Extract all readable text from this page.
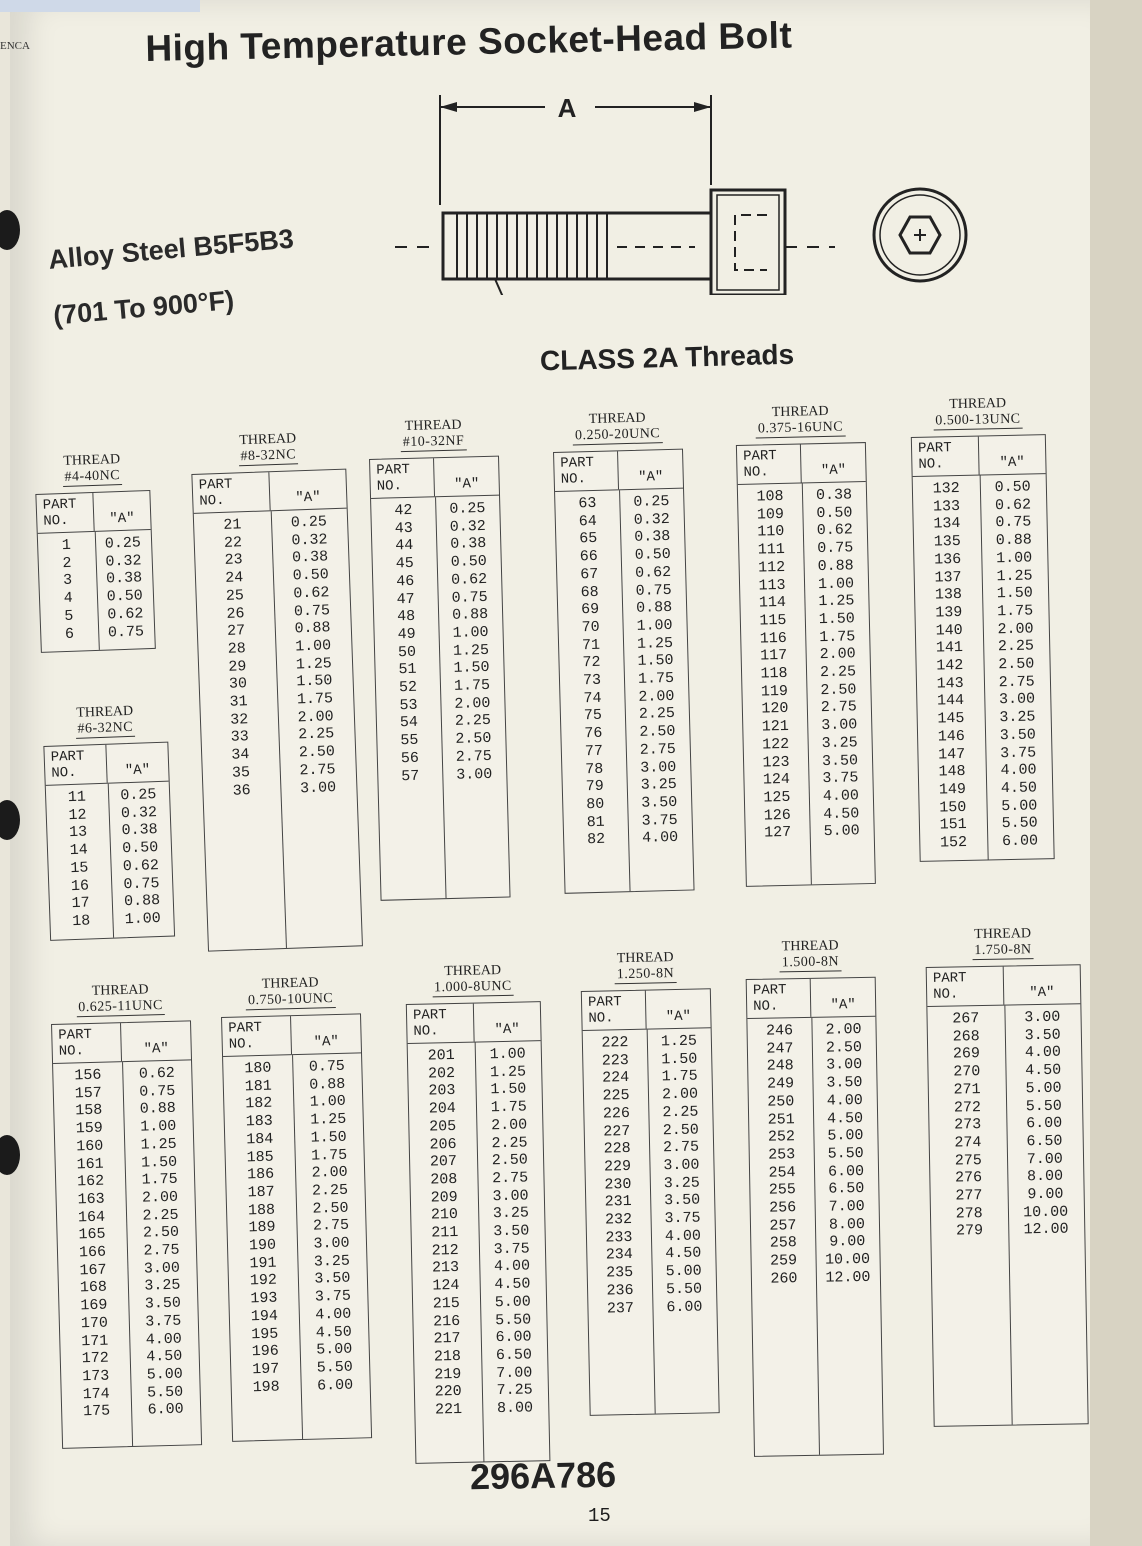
ENCA	High Temperature Socket-Head Bolt
Alloy Steel B5F5B3
(701 To 900°F)
A
CLASS 2A Threads
THREAD
#4-40NC
PART
NO.	"A"
1	0.25
2	0.32
3	0.38
4	0.50
5	0.62
6	0.75
THREAD
#6-32NC
PART
NO.	"A"
11	0.25
12	0.32
13	0.38
14	0.50
15	0.62
16	0.75
17	0.88
18	1.00
THREAD
#8-32NC
PART
NO.	"A"
21	0.25
22	0.32
23	0.38
24	0.50
25	0.62
26	0.75
27	0.88
28	1.00
29	1.25
30	1.50
31	1.75
32	2.00
33	2.25
34	2.50
35	2.75
36	3.00
THREAD
#10-32NF
PART
NO.	"A"
42	0.25
43	0.32
44	0.38
45	0.50
46	0.62
47	0.75
48	0.88
49	1.00
50	1.25
51	1.50
52	1.75
53	2.00
54	2.25
55	2.50
56	2.75
57	3.00
THREAD
0.250-20UNC
PART
NO.	"A"
63	0.25
64	0.32
65	0.38
66	0.50
67	0.62
68	0.75
69	0.88
70	1.00
71	1.25
72	1.50
73	1.75
74	2.00
75	2.25
76	2.50
77	2.75
78	3.00
79	3.25
80	3.50
81	3.75
82	4.00
THREAD
0.375-16UNC
PART
NO.	"A"
108	0.38
109	0.50
110	0.62
111	0.75
112	0.88
113	1.00
114	1.25
115	1.50
116	1.75
117	2.00
118	2.25
119	2.50
120	2.75
121	3.00
122	3.25
123	3.50
124	3.75
125	4.00
126	4.50
127	5.00
THREAD
0.500-13UNC
PART
NO.	"A"
132	0.50
133	0.62
134	0.75
135	0.88
136	1.00
137	1.25
138	1.50
139	1.75
140	2.00
141	2.25
142	2.50
143	2.75
144	3.00
145	3.25
146	3.50
147	3.75
148	4.00
149	4.50
150	5.00
151	5.50
152	6.00
THREAD
0.625-11UNC
PART
NO.	"A"
156	0.62
157	0.75
158	0.88
159	1.00
160	1.25
161	1.50
162	1.75
163	2.00
164	2.25
165	2.50
166	2.75
167	3.00
168	3.25
169	3.50
170	3.75
171	4.00
172	4.50
173	5.00
174	5.50
175	6.00
THREAD
0.750-10UNC
PART
NO.	"A"
180	0.75
181	0.88
182	1.00
183	1.25
184	1.50
185	1.75
186	2.00
187	2.25
188	2.50
189	2.75
190	3.00
191	3.25
192	3.50
193	3.75
194	4.00
195	4.50
196	5.00
197	5.50
198	6.00
THREAD
1.000-8UNC
PART
NO.	"A"
201	1.00
202	1.25
203	1.50
204	1.75
205	2.00
206	2.25
207	2.50
208	2.75
209	3.00
210	3.25
211	3.50
212	3.75
213	4.00
124	4.50
215	5.00
216	5.50
217	6.00
218	6.50
219	7.00
220	7.25
221	8.00
THREAD
1.250-8N
PART
NO.	"A"
222	1.25
223	1.50
224	1.75
225	2.00
226	2.25
227	2.50
228	2.75
229	3.00
230	3.25
231	3.50
232	3.75
233	4.00
234	4.50
235	5.00
236	5.50
237	6.00
THREAD
1.500-8N
PART
NO.	"A"
246	2.00
247	2.50
248	3.00
249	3.50
250	4.00
251	4.50
252	5.00
253	5.50
254	6.00
255	6.50
256	7.00
257	8.00
258	9.00
259	10.00
260	12.00
THREAD
1.750-8N
PART
NO.	"A"
267	3.00
268	3.50
269	4.00
270	4.50
271	5.00
272	5.50
273	6.00
274	6.50
275	7.00
276	8.00
277	9.00
278	10.00
279	12.00
296A786
15
